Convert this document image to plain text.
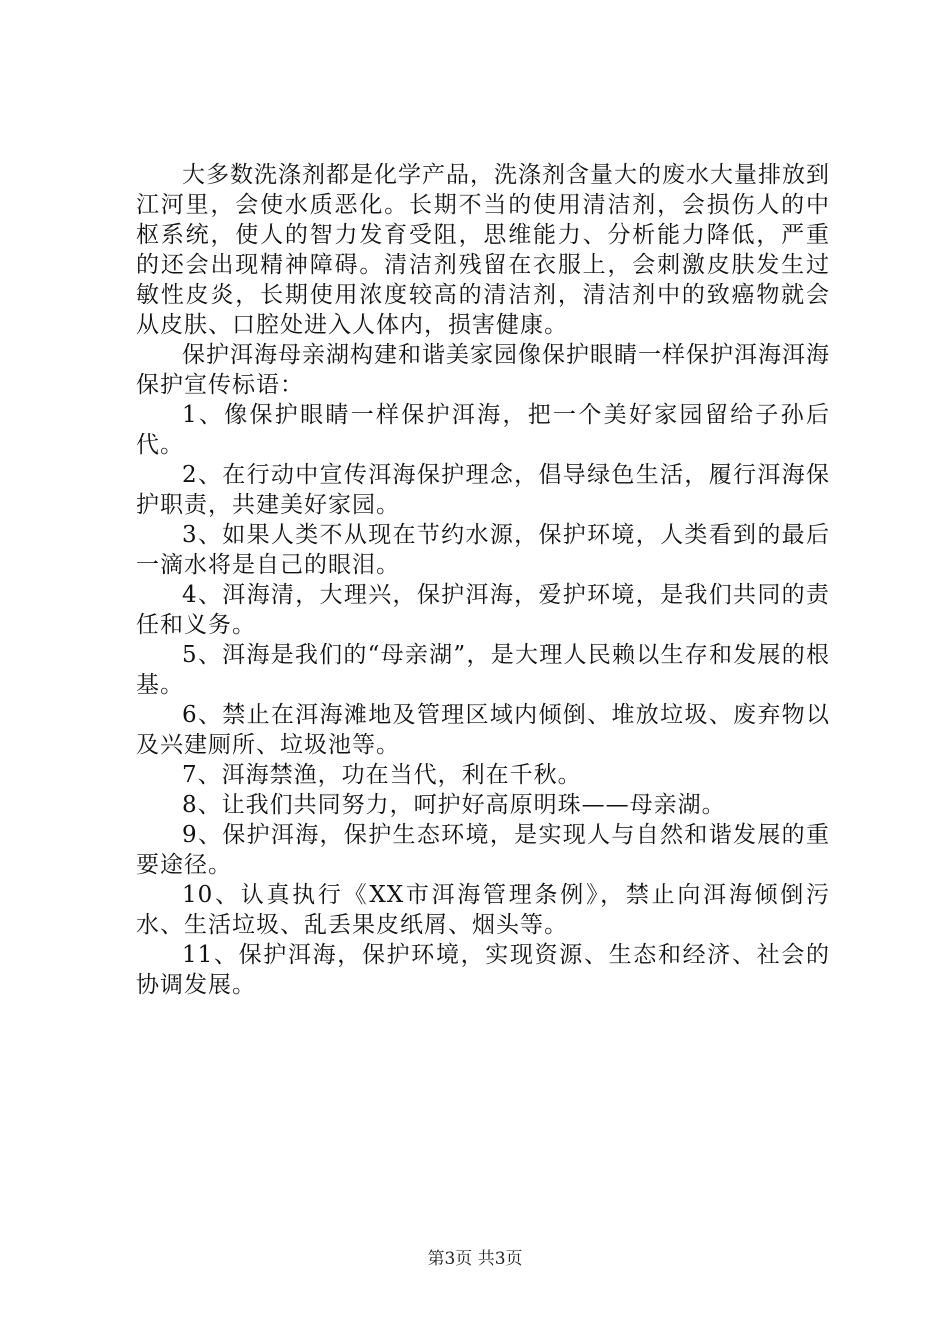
大多数洗涤剂都是化学产品，洗涤剂含量大的废水大量排放到江河里，会使水质恶化。长期不当的使用清洁剂，会损伤人的中枢系统，使人的智力发育受阻，思维能力、分析能力降低，严重的还会出现精神障碍。清洁剂残留在衣服上，会刺激皮肤发生过敏性皮炎，长期使用浓度较高的清洁剂，清洁剂中的致癌物就会从皮肤、口腔处进入人体内，损害健康。

保护洱海母亲湖构建和谐美家园像保护眼睛一样保护洱海洱海保护宣传标语：

1、像保护眼睛一样保护洱海，把一个美好家园留给子孙后代。

2、在行动中宣传洱海保护理念，倡导绿色生活，履行洱海保护职责，共建美好家园。

3、如果人类不从现在节约水源，保护环境，人类看到的最后一滴水将是自己的眼泪。

4、洱海清，大理兴，保护洱海，爱护环境，是我们共同的责任和义务。

5、洱海是我们的“母亲湖”，是大理人民赖以生存和发展的根基。

6、禁止在洱海滩地及管理区域内倾倒、堆放垃圾、废弃物以及兴建厕所、垃圾池等。

7、洱海禁渔，功在当代，利在千秋。

8、让我们共同努力，呵护好高原明珠——母亲湖。

9、保护洱海，保护生态环境，是实现人与自然和谐发展的重要途径。

10、认真执行《XX市洱海管理条例》，禁止向洱海倾倒污水、生活垃圾、乱丢果皮纸屑、烟头等。

11、保护洱海，保护环境，实现资源、生态和经济、社会的协调发展。

第3页 共3页
